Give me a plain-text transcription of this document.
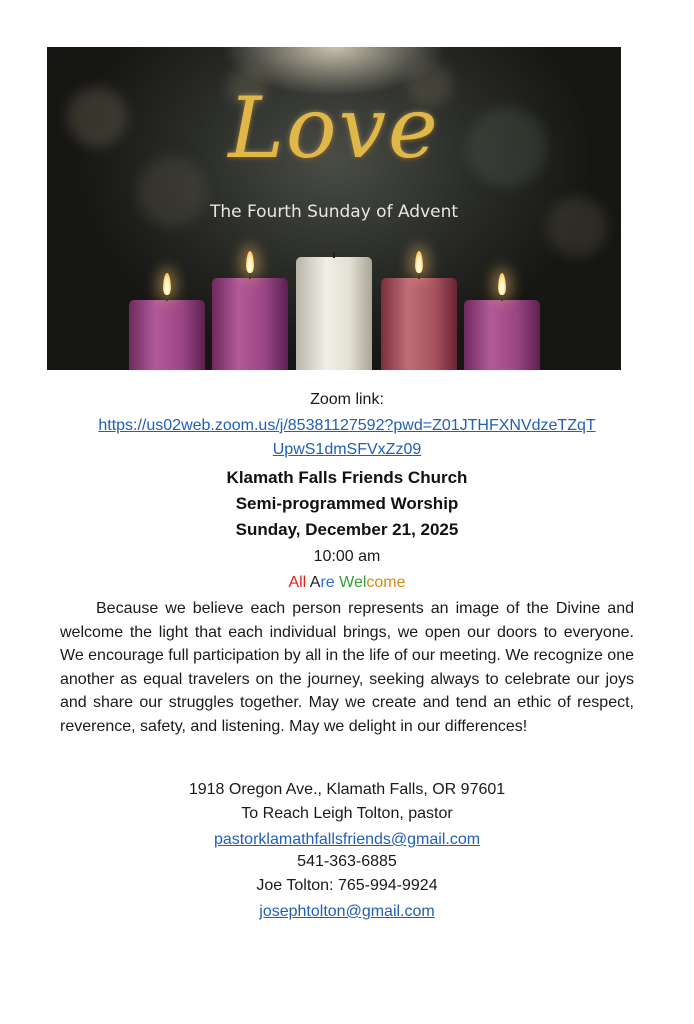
Love
The Fourth Sunday of Advent
Zoom link:
https://us02web.zoom.us/j/85381127592?pwd=Z01JTHFXNVdzeTZqT
UpwS1dmSFVxZz09
Klamath Falls Friends Church
Semi-programmed Worship
Sunday, December 21, 2025
10:00 am
All Are Welcome
Because we believe each person represents an image of the Divine and welcome the light that each individual brings, we open our doors to everyone. We encourage full participation by all in the life of our meeting. We recognize one another as equal travelers on the journey, seeking always to celebrate our joys and share our struggles together. May we create and tend an ethic of respect, reverence, safety, and listening. May we delight in our differences!
1918 Oregon Ave., Klamath Falls, OR 97601
To Reach Leigh Tolton, pastor
pastorklamathfallsfriends@gmail.com
541-363-6885
Joe Tolton: 765-994-9924
josephtolton@gmail.com
